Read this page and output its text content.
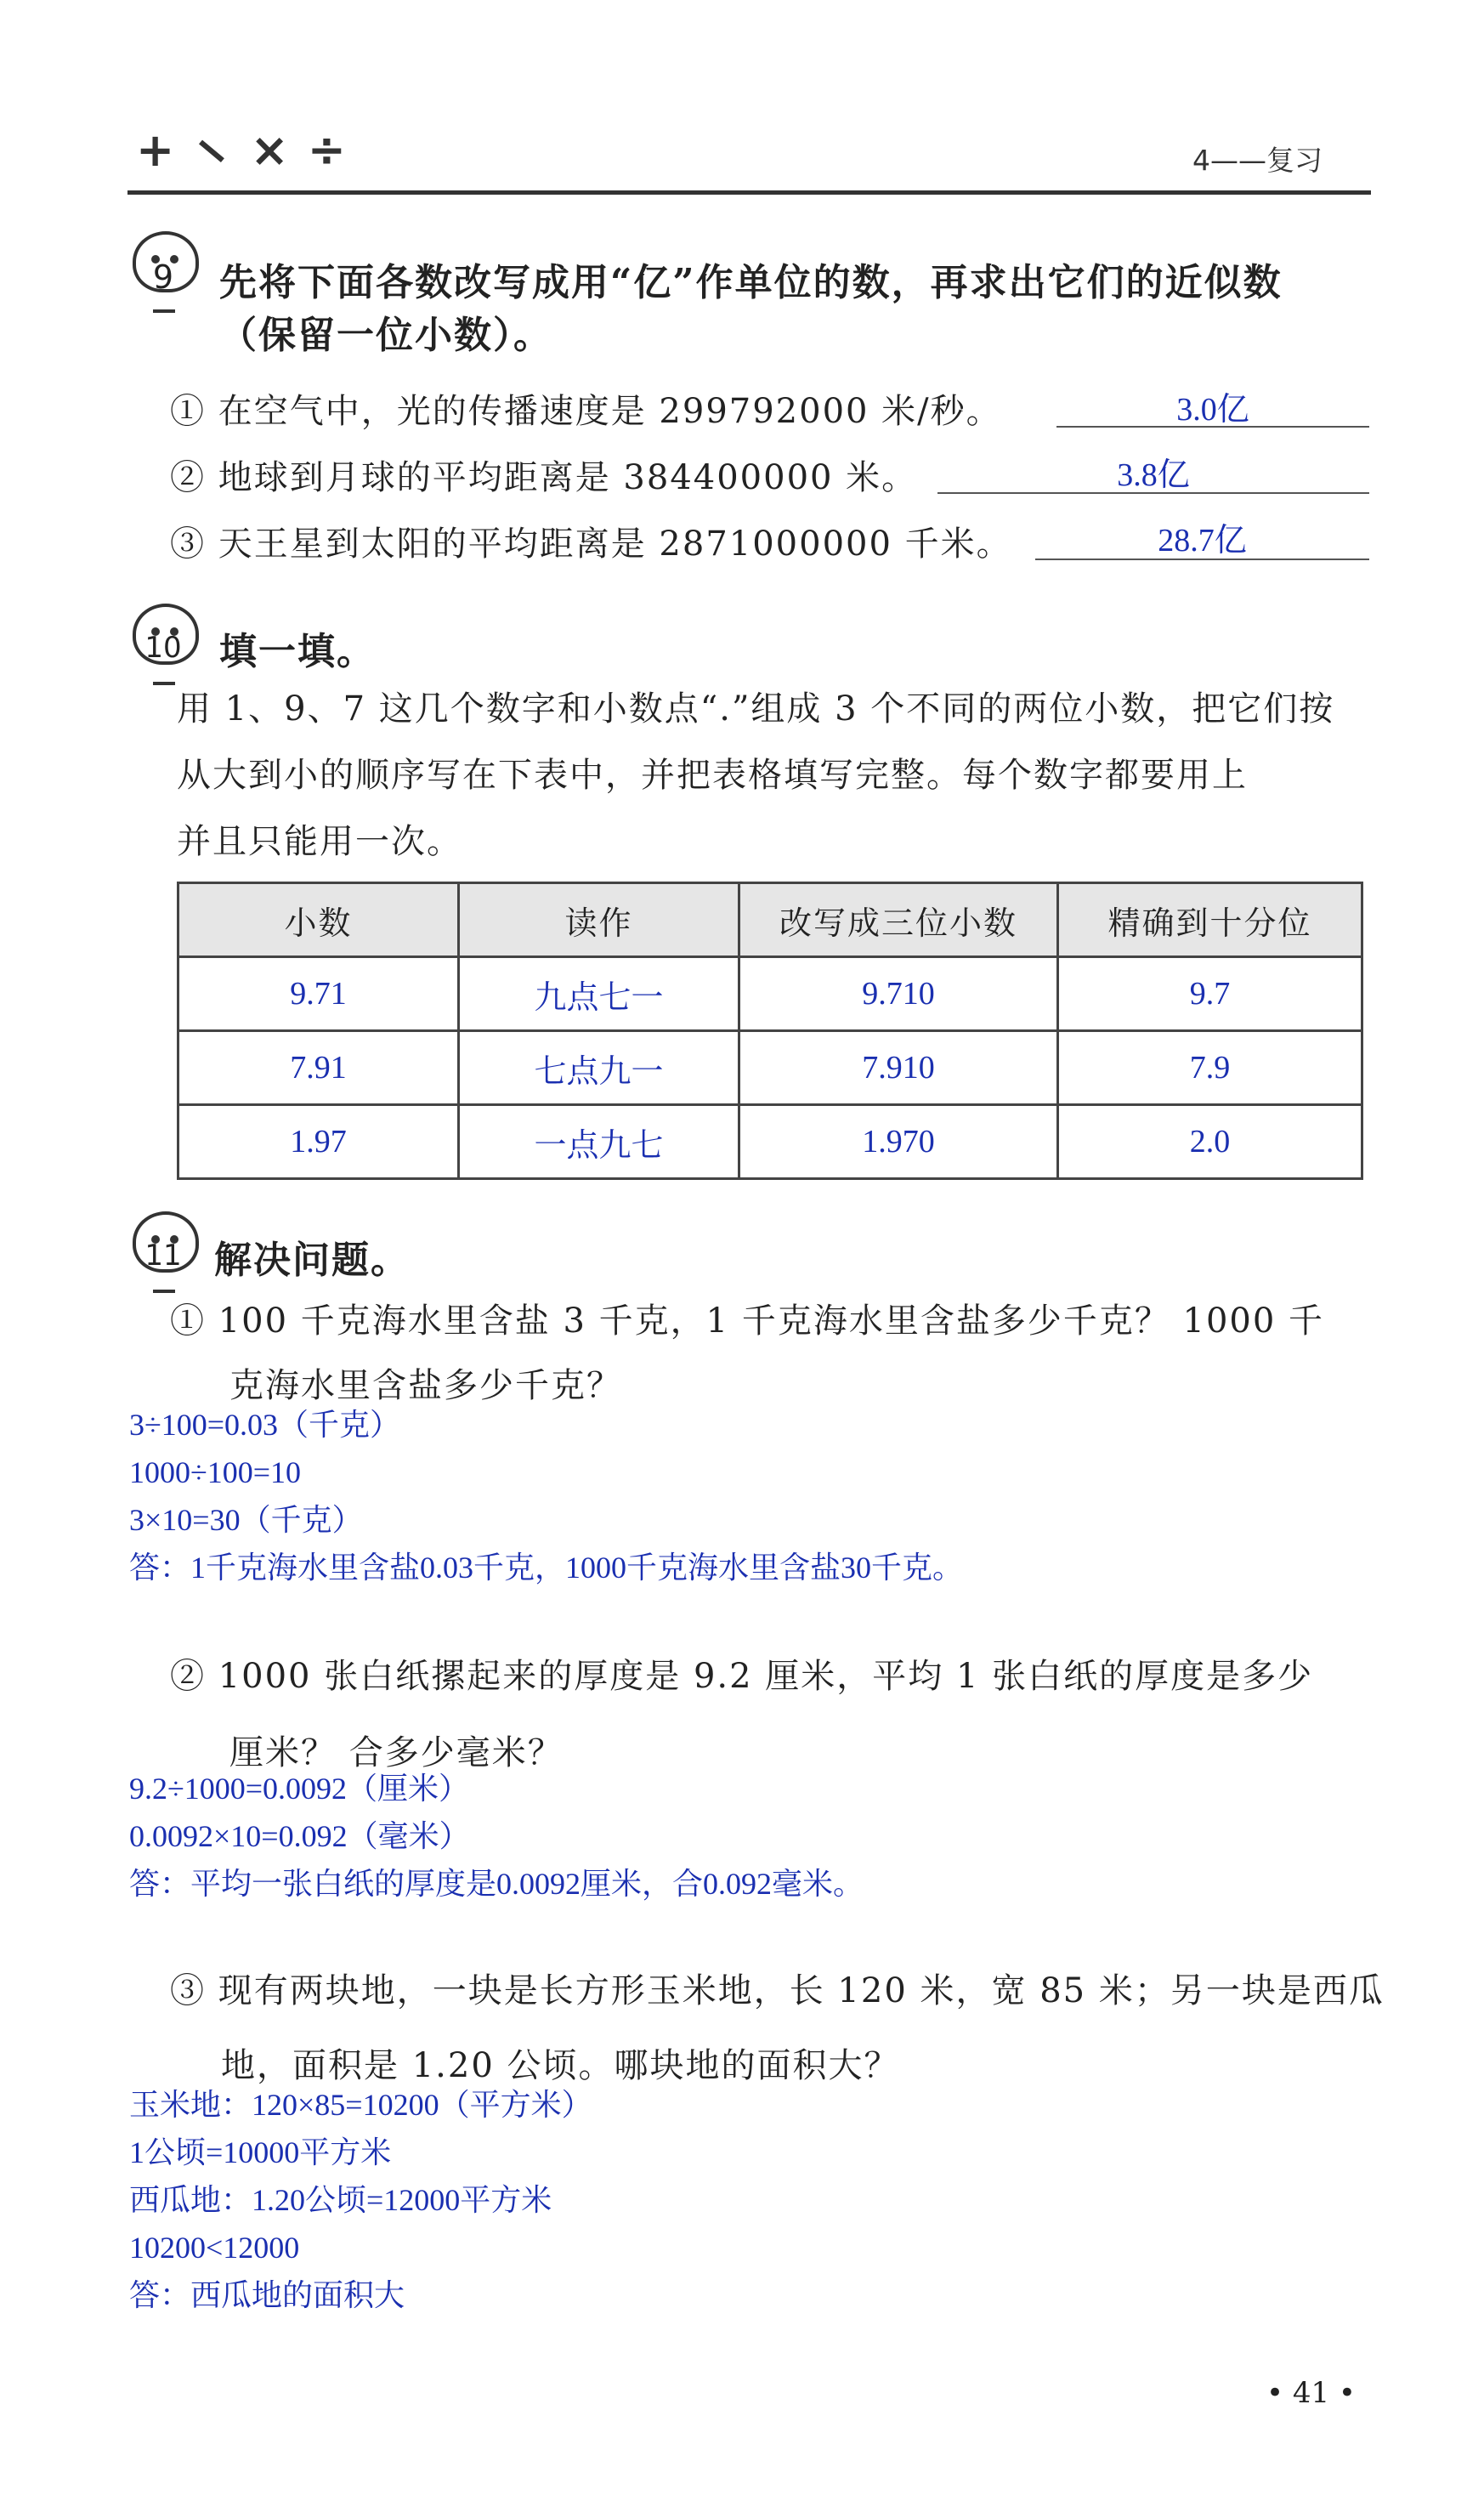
+ − × ÷	4——复习
9	先将下面各数改写成用“亿”作单位的数，再求出它们的近似数
（保留一位小数）。
① 在空气中，光的传播速度是 299792000 米/秒。	3.0亿
② 地球到月球的平均距离是 384400000 米。	3.8亿
③ 天王星到太阳的平均距离是 2871000000 千米。	28.7亿
10	填一填。
用 1、9、7 这几个数字和小数点“.”组成 3 个不同的两位小数，把它们按
从大到小的顺序写在下表中，并把表格填写完整。每个数字都要用上
并且只能用一次。
小数	读作	改写成三位小数	精确到十分位
9.71	九点七一	9.710	9.7
7.91	七点九一	7.910	7.9
1.97	一点九七	1.970	2.0
11 解决问题。
① 100 千克海水里含盐 3 千克，1 千克海水里含盐多少千克？ 1000 千
克海水里含盐多少千克？
3÷100=0.03（千克）
1000÷100=10
3×10=30（千克）
答：1千克海水里含盐0.03千克，1000千克海水里含盐30千克。
② 1000 张白纸摞起来的厚度是 9.2 厘米，平均 1 张白纸的厚度是多少
厘米？ 合多少毫米？
9.2÷1000=0.0092（厘米）
0.0092×10=0.092（毫米）
答：平均一张白纸的厚度是0.0092厘米，合0.092毫米。
③ 现有两块地，一块是长方形玉米地，长 120 米，宽 85 米；另一块是西瓜
地，面积是 1.20 公顷。哪块地的面积大？
玉米地：120×85=10200（平方米）
1公顷=10000平方米
西瓜地：1.20公顷=12000平方米
10200<12000
答：西瓜地的面积大
• 41 •
